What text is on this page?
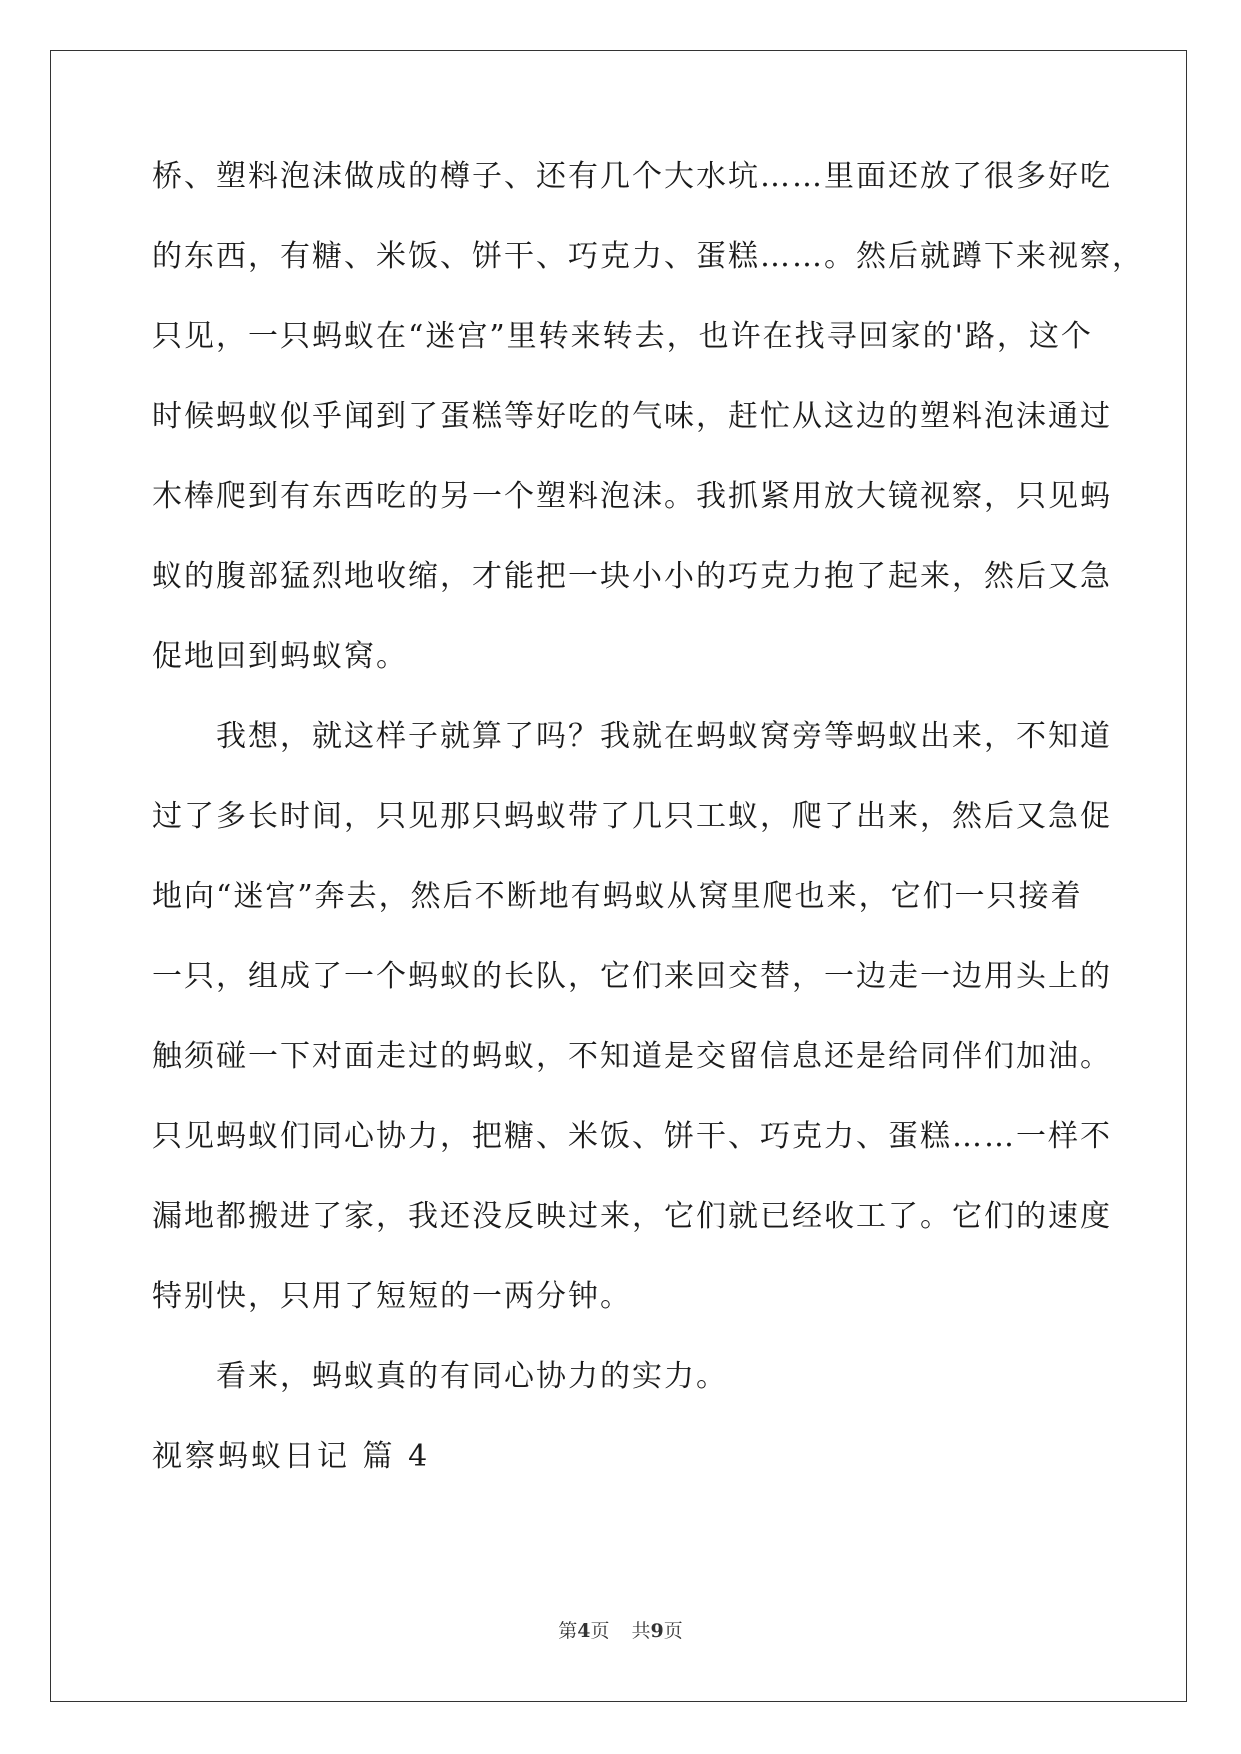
桥、塑料泡沫做成的樽子、还有几个大水坑……里面还放了很多好吃
的东西，有糖、米饭、饼干、巧克力、蛋糕……。然后就蹲下来视察，
只见，一只蚂蚁在“迷宫”里转来转去，也许在找寻回家的'路，这个
时候蚂蚁似乎闻到了蛋糕等好吃的气味，赶忙从这边的塑料泡沫通过
木棒爬到有东西吃的另一个塑料泡沫。我抓紧用放大镜视察，只见蚂
蚁的腹部猛烈地收缩，才能把一块小小的巧克力抱了起来，然后又急
促地回到蚂蚁窝。
我想，就这样子就算了吗？我就在蚂蚁窝旁等蚂蚁出来，不知道
过了多长时间，只见那只蚂蚁带了几只工蚁，爬了出来，然后又急促
地向“迷宫”奔去，然后不断地有蚂蚁从窝里爬也来，它们一只接着
一只，组成了一个蚂蚁的长队，它们来回交替，一边走一边用头上的
触须碰一下对面走过的蚂蚁，不知道是交留信息还是给同伴们加油。
只见蚂蚁们同心协力，把糖、米饭、饼干、巧克力、蛋糕……一样不
漏地都搬进了家，我还没反映过来，它们就已经收工了。它们的速度
特别快，只用了短短的一两分钟。
看来，蚂蚁真的有同心协力的实力。
视察蚂蚁日记 篇 4
第4页 共9页
